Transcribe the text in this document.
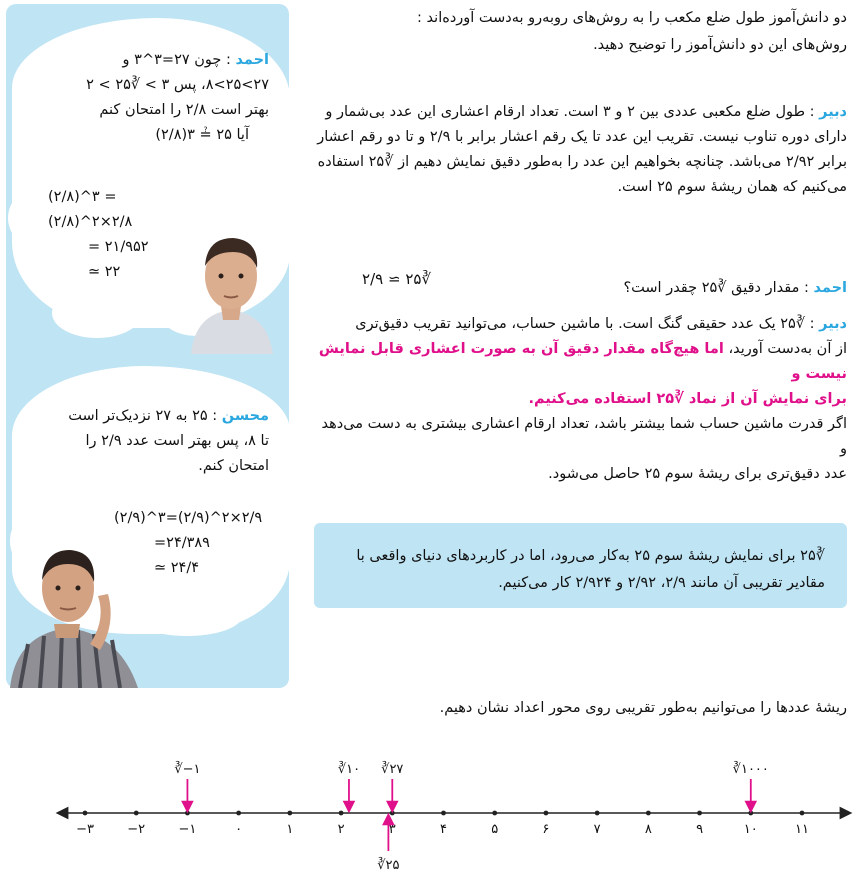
دو دانش‌آموز طول ضلع مکعب را به روش‌های روبه‌رو به‌دست آورده‌اند :
روش‌های این دو دانش‌آموز را توضیح دهید.
دبیر : طول ضلع مکعبی عددی بین ۲ و ۳ است. تعداد ارقام اعشاری این عدد بی‌شمار و
دارای دوره تناوب نیست. تقریب این عدد تا یک رقم اعشار برابر با ۲/۹ و تا دو رقم اعشار
برابر ۲/۹۲ می‌باشد. چنانچه بخواهیم این عدد را به‌طور دقیق نمایش دهیم از ∛۲۵ استفاده
می‌کنیم که همان ریشهٔ سوم ۲۵ است.
∛۲۵ ≃ ۲/۹	احمد : مقدار دقیق ∛۲۵ چقدر است؟
دبیر : ∛۲۵ یک عدد حقیقی گنگ است. با ماشین حساب، می‌توانید تقریب دقیق‌تری
از آن به‌دست آورید، اما هیچ‌گاه مقدار دقیق آن به صورت اعشاری قابل نمایش نیست و
برای نمایش آن از نماد ∛۲۵ استفاده می‌کنیم.
اگر قدرت ماشین حساب شما بیشتر باشد، تعداد ارقام اعشاری بیشتری به دست می‌دهد و
عدد دقیق‌تری برای ریشهٔ سوم ۲۵ حاصل می‌شود.
∛۲۵ برای نمایش ریشهٔ سوم ۲۵ به‌کار می‌رود، اما در کاربردهای دنیای واقعی با
مقادیر تقریبی آن مانند ۲/۹، ۲/۹۲ و ۲/۹۲۴ کار می‌کنیم.
احمد : چون ۲۷=۳^۳ و
۲۷>۲۵>۸، پس ۳ > ∛۲۵ > ۲
بهتر است ۲/۸ را امتحان کنم
آیا ۲۵ ≟ ۳(۲/۸)
(۲/۸)^۳ =(۲/۸)^۲×۲/۸
= ۲۱/۹۵۲
≃ ۲۲
محسن : ۲۵ به ۲۷ نزدیک‌تر است
تا ۸، پس بهتر است عدد ۲/۹ را
امتحان کنم.
(۲/۹)^۳=(۲/۹)^۲×۲/۹
=۲۴/۳۸۹
≃ ۲۴/۴
ریشهٔ عددها را می‌توانیم به‌طور تقریبی روی محور اعداد نشان دهیم.
−۳	−۲	−۱	۰	۱	۲	۳	۴	۵	۶	۷	۸	۹	۱۰	۱۱
∛−۱	∛۱۰ ∛۲۷	∛۱۰۰۰
∛۲۵
